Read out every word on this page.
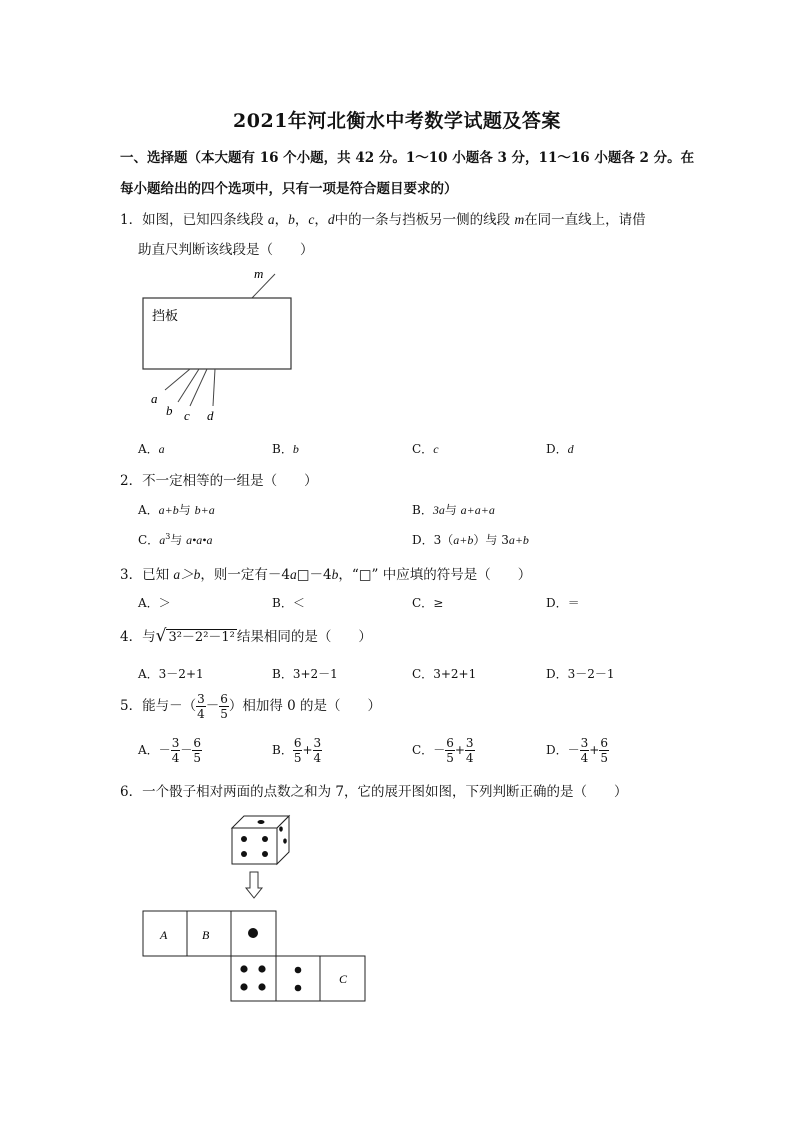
2021年河北衡水中考数学试题及答案
一、选择题（本大题有 16 个小题，共 42 分。1～10 小题各 3 分，11～16 小题各 2 分。在
每小题给出的四个选项中，只有一项是符合题目要求的）
1．如图，已知四条线段 a，b，c，d中的一条与挡板另一侧的线段 m在同一直线上，请借
助直尺判断该线段是（　　）
m
挡板
a
b c d
A．a	B．b	C．c	D．d
2．不一定相等的一组是（　　）
A．a+b与 b+a	B．3a与 a+a+a
C．$a^3$与 a•a•a	D．3（a+b）与 3a+b
3．已知 a＞b，则一定有－4a□－4b，“□” 中应填的符号是（　　）
A．＞	B．＜	C．≥	D．＝
4．与√ 3²－2²－1² 结果相同的是（　　）
A．3－2+1	B．3+2－1	C．3+2+1	D．3－2－1
5．能与－（ $\frac{3}{4} - \frac{6}{5}$ ）相加得 0 的是（　　）
A．－ $\frac{3}{4} - \frac{6}{5}$	B． $\frac{6}{5} + \frac{3}{4}$	C．－ $\frac{6}{5} + \frac{3}{4}$	D．－ $\frac{3}{4} + \frac{6}{5}$
6．一个骰子相对两面的点数之和为 7，它的展开图如图，下列判断正确的是（　　）
A	B
C
